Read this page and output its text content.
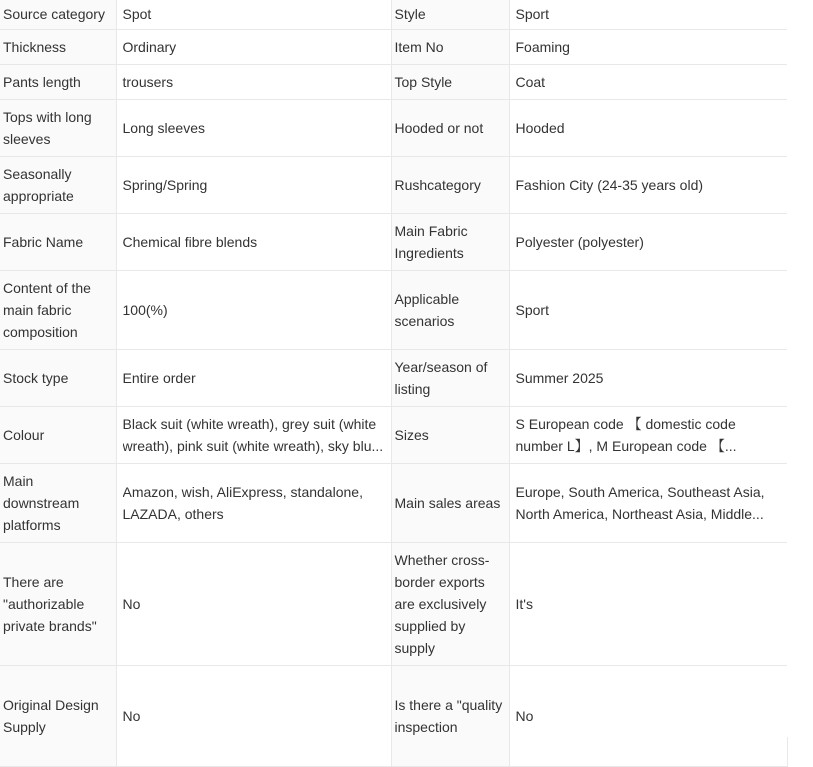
Source category	Spot	Style	Sport
Thickness	Ordinary	Item No	Foaming
Pants length	trousers	Top Style	Coat
Tops with long sleeves	Long sleeves	Hooded or not	Hooded
Seasonally appropriate	Spring/Spring	Rushcategory	Fashion City (24-35 years old)
Fabric Name	Chemical fibre blends	Main Fabric Ingredients	Polyester (polyester)
Content of the main fabric composition	100(%)	Applicable scenarios	Sport
Stock type	Entire order	Year/season of listing	Summer 2025
Colour	Black suit (white wreath), grey suit (white wreath), pink suit (white wreath), sky blu...	Sizes	S European code 【 domestic code number L】, M European code 【...

Main downstream platforms	Amazon, wish, AliExpress, standalone, LAZADA, others	Main sales areas	Europe, South America, Southeast Asia, North America, Northeast Asia, Middle...

There are "authorizable private brands"	No	Whether cross-border exports are exclusively supplied by supply	It's
Original Design Supply	No	Is there a "quality inspection	No
